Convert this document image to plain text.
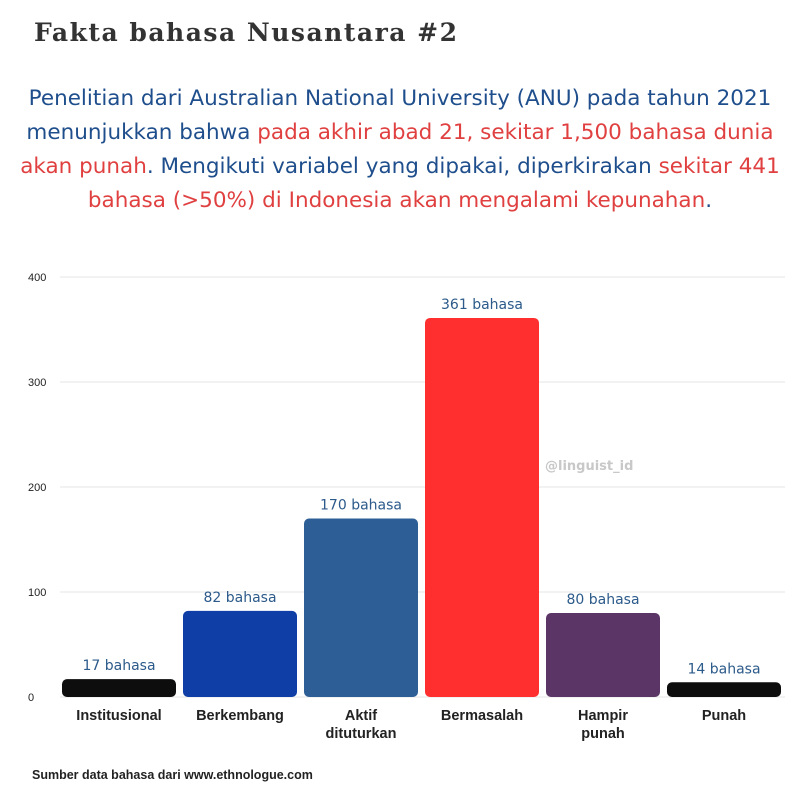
Fakta bahasa Nusantara #2
Penelitian dari Australian National University (ANU) pada tahun 2021 menunjukkan bahwa pada akhir abad 21, sekitar 1,500 bahasa dunia akan punah. Mengikuti variabel yang dipakai, diperkirakan sekitar 441 bahasa (>50%) di Indonesia akan mengalami kepunahan.
0
100
200
300
400
17 bahasa
Institusional
82 bahasa
Berkembang
170 bahasa
Aktif
dituturkan
361 bahasa
Bermasalah
80 bahasa
Hampir
punah
14 bahasa
Punah
@linguist_id
Sumber data bahasa dari www.ethnologue.com
